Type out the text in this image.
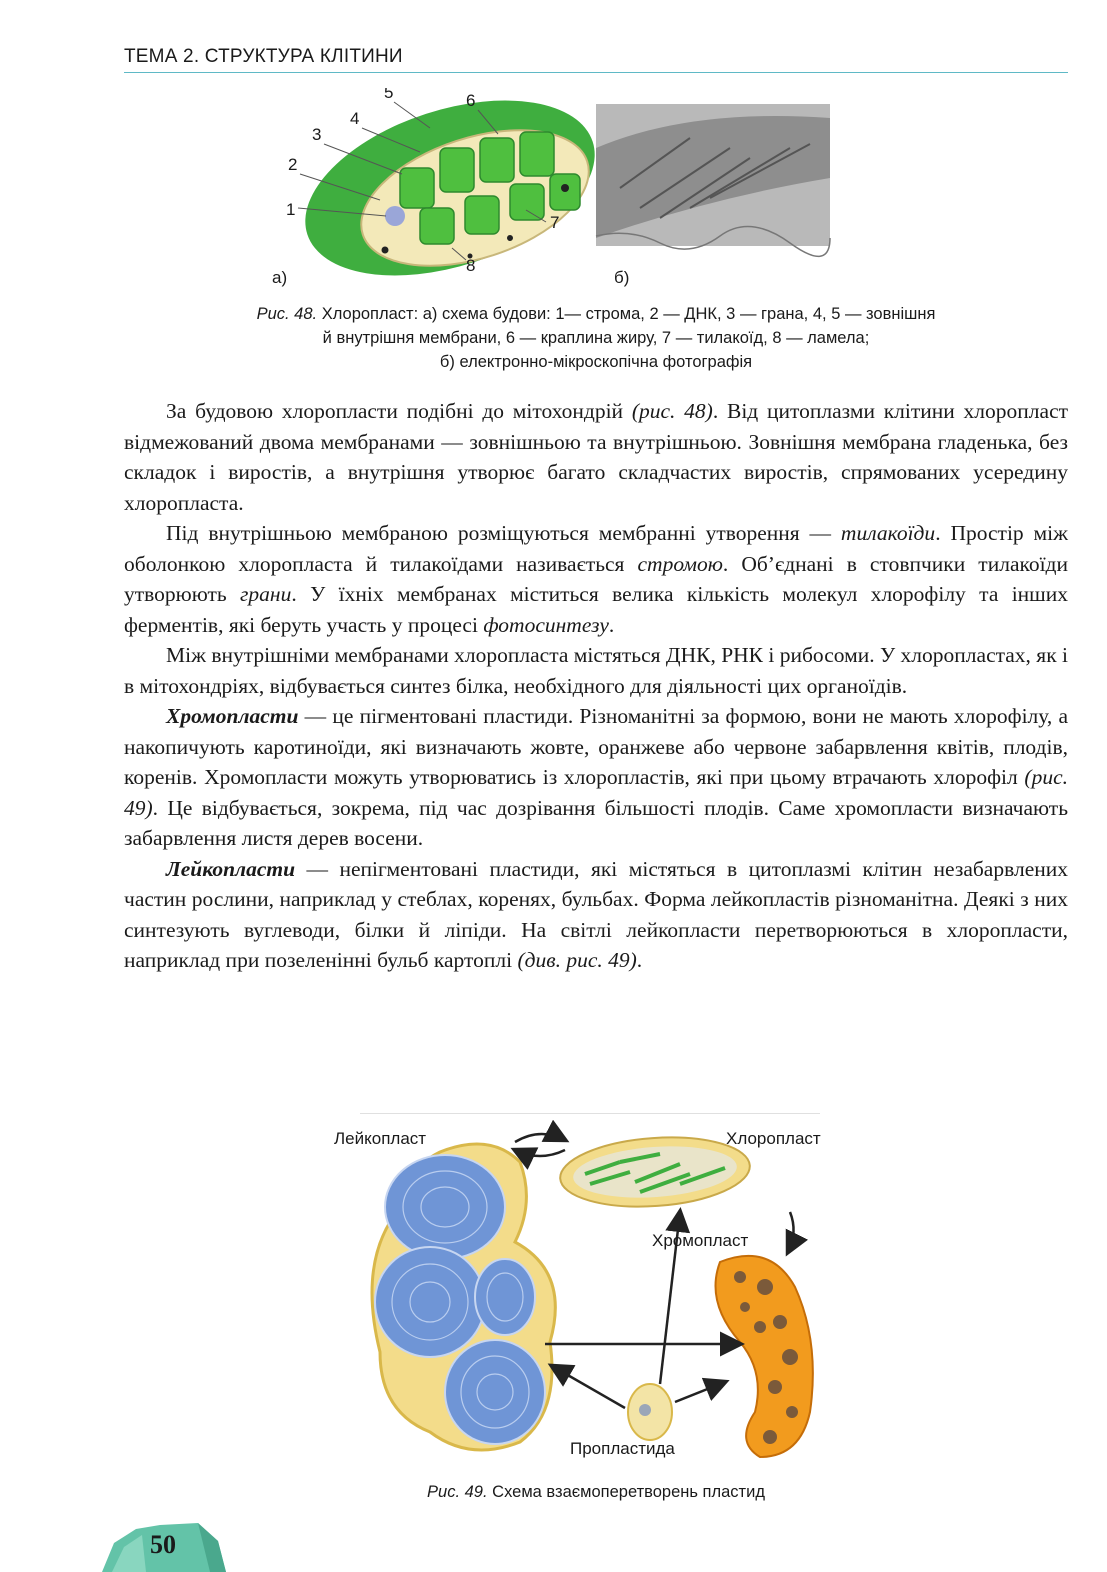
ТЕМА 2. СТРУКТУРА КЛІТИНИ
5	6
4
3
2
1
7
8
а)	б)
Рис. 48. Хлоропласт: а) схема будови: 1— строма, 2 — ДНК, 3 — грана, 4, 5 — зовнішня
й внутрішня мембрани, 6 — краплина жиру, 7 — тилакоїд, 8 — ламела;
б) електронно-мікроскопічна фотографія

За будовою хлоропласти подібні до мітохондрій (рис. 48). Від цитоплазми клітини хлоропласт відмежований двома мембранами — зовнішньою та внутрішньою. Зовнішня мембрана гладенька, без складок і виростів, а внутрішня утворює багато складчастих виростів, спрямованих усередину хлоропласта.

Під внутрішньою мембраною розміщуються мембранні утворення — тилакоїди. Простір між оболонкою хлоропласта й тилакоїдами називається стромою. Об’єднані в стовпчики тилакоїди утворюють грани. У їхніх мембранах міститься велика кількість молекул хлорофілу та інших ферментів, які беруть участь у процесі фотосинтезу.

Між внутрішніми мембранами хлоропласта містяться ДНК, РНК і рибосоми. У хлоропластах, як і в мітохондріях, відбувається синтез білка, необхідного для діяльності цих органоїдів.

Хромопласти — це пігментовані пластиди. Різноманітні за формою, вони не мають хлорофілу, а накопичують каротиноїди, які визначають жовте, оранжеве або червоне забарвлення квітів, плодів, коренів. Хромопласти можуть утворюватись із хлоропластів, які при цьому втрачають хлорофіл (рис. 49). Це відбувається, зокрема, під час дозрівання більшості плодів. Саме хромопласти визначають забарвлення листя дерев восени.

Лейкопласти — непігментовані пластиди, які містяться в цитоплазмі клітин незабарвлених частин рослини, наприклад у стеблах, коренях, бульбах. Форма лейкопластів різноманітна. Деякі з них синтезують вуглеводи, білки й ліпіди. На світлі лейкопласти перетворюються в хлоропласти, наприклад при позеленінні бульб картоплі (див. рис. 49).

Лейкопласт	Хлоропласт
Хромопласт
Пропластида
Рис. 49. Схема взаємоперетворень пластид
50
